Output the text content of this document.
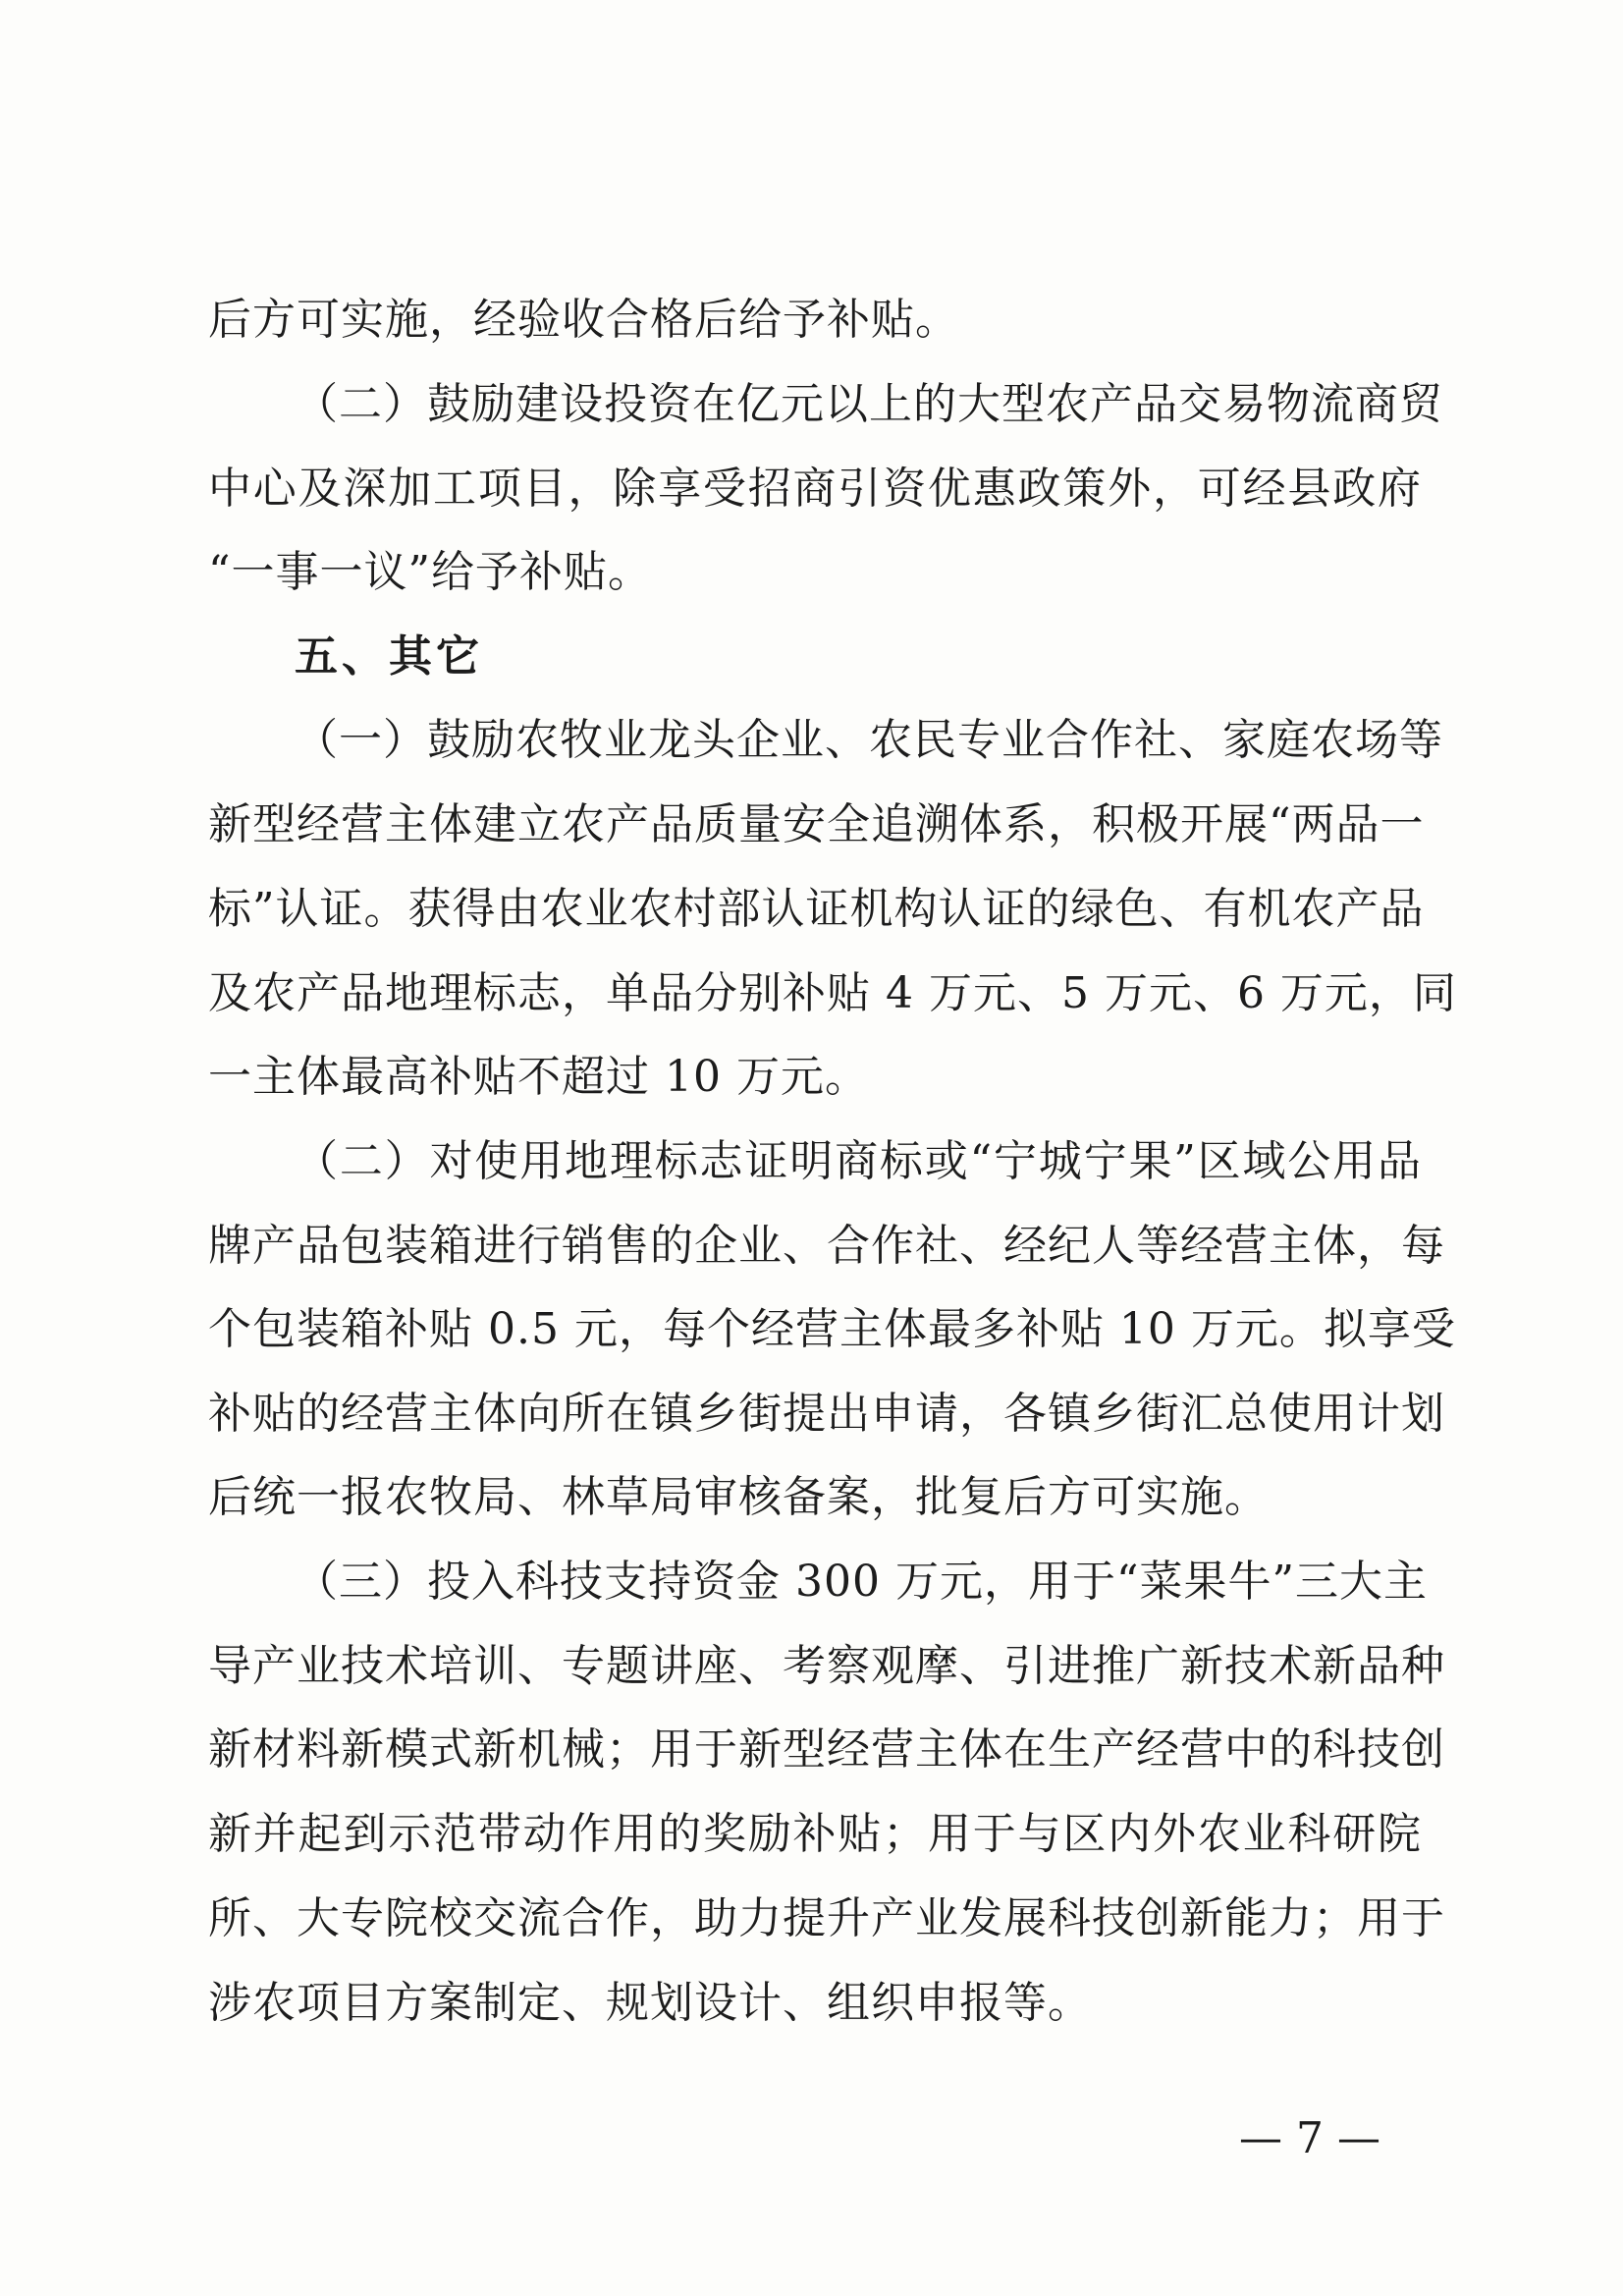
后方可实施，经验收合格后给予补贴。
（二）鼓励建设投资在亿元以上的大型农产品交易物流商贸
中心及深加工项目，除享受招商引资优惠政策外，可经县政府
“一事一议”给予补贴。
五、其它
（一）鼓励农牧业龙头企业、农民专业合作社、家庭农场等
新型经营主体建立农产品质量安全追溯体系，积极开展“两品一
标”认证。获得由农业农村部认证机构认证的绿色、有机农产品
及农产品地理标志，单品分别补贴 4 万元、5 万元、6 万元，同
一主体最高补贴不超过 10 万元。
（二）对使用地理标志证明商标或“宁城宁果”区域公用品
牌产品包装箱进行销售的企业、合作社、经纪人等经营主体，每
个包装箱补贴 0.5 元，每个经营主体最多补贴 10 万元。拟享受
补贴的经营主体向所在镇乡街提出申请，各镇乡街汇总使用计划
后统一报农牧局、林草局审核备案，批复后方可实施。
（三）投入科技支持资金 300 万元，用于“菜果牛”三大主
导产业技术培训、专题讲座、考察观摩、引进推广新技术新品种
新材料新模式新机械；用于新型经营主体在生产经营中的科技创
新并起到示范带动作用的奖励补贴；用于与区内外农业科研院
所、大专院校交流合作，助力提升产业发展科技创新能力；用于
涉农项目方案制定、规划设计、组织申报等。
— 7 —
